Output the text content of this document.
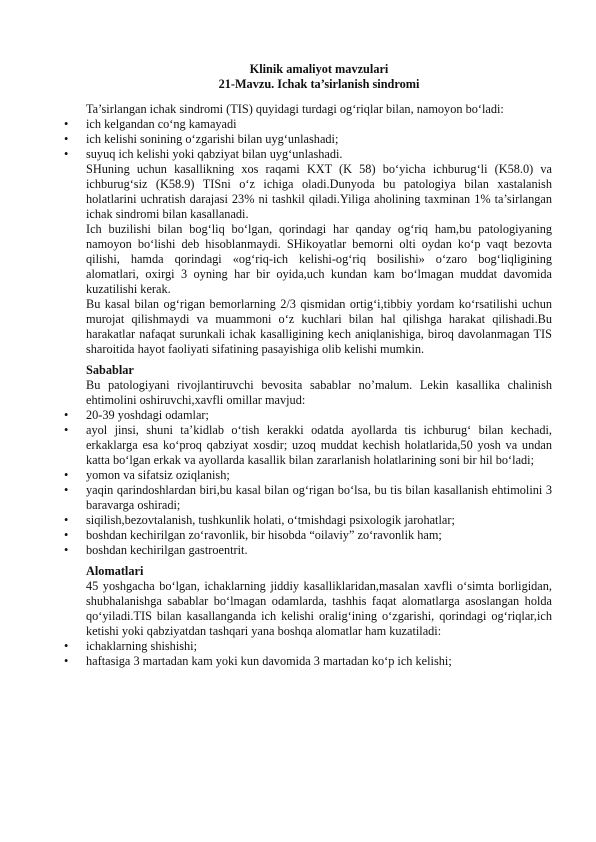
Klinik amaliyot mavzulari

21-Mavzu. Ichak ta’sirlanish sindromi

Ta’sirlangan ichak sindromi (TIS) quyidagi turdagi og‘riqlar bilan, namoyon bo‘ladi:

• ich kelgandan co‘ng kamayadi
• ich kelishi sonining o‘zgarishi bilan uyg‘unlashadi;
• suyuq ich kelishi yoki qabziyat bilan uyg‘unlashadi.

SHuning uchun kasallikning xos raqami KXT (K 58) bo‘yicha ichburug‘li (K58.0) va ichburug‘siz (K58.9) TISni o‘z ichiga oladi.Dunyoda bu patologiya bilan xastalanish holatlarini uchratish darajasi 23% ni tashkil qiladi.Yiliga aholining taxminan 1% ta’sirlangan ichak sindromi bilan kasallanadi.

Ich buzilishi bilan bog‘liq bo‘lgan, qorindagi har qanday og‘riq ham,bu patologiyaning namoyon bo‘lishi deb hisoblanmaydi. SHikoyatlar bemorni olti oydan ko‘p vaqt bezovta qilishi, hamda qorindagi «og‘riq-ich kelishi-og‘riq bosilishi» o‘zaro bog‘liqligining alomatlari, oxirgi 3 oyning har bir oyida,uch kundan kam bo‘lmagan muddat davomida kuzatilishi kerak.

Bu kasal bilan og‘rigan bemorlarning 2/3 qismidan ortig‘i,tibbiy yordam ko‘rsatilishi uchun murojat qilishmaydi va muammoni o‘z kuchlari bilan hal qilishga harakat qilishadi.Bu harakatlar nafaqat surunkali ichak kasalligining kech aniqlanishiga, biroq davolanmagan TIS sharoitida hayot faoliyati sifatining pasayishiga olib kelishi mumkin.

Sabablar

Bu patologiyani rivojlantiruvchi bevosita sabablar no’malum. Lekin kasallika chalinish ehtimolini oshiruvchi,xavfli omillar mavjud:

• 20-39 yoshdagi odamlar;
• ayol jinsi, shuni ta’kidlab o‘tish kerakki odatda ayollarda tis ichburug‘ bilan kechadi, erkaklarga esa ko‘proq qabziyat xosdir; uzoq muddat kechish holatlarida,50 yosh va undan katta bo‘lgan erkak va ayollarda kasallik bilan zararlanish holatlarining soni bir hil bo‘ladi;
• yomon va sifatsiz oziqlanish;
• yaqin qarindoshlardan biri,bu kasal bilan og‘rigan bo‘lsa, bu tis bilan kasallanish ehtimolini 3 baravarga oshiradi;
• siqilish,bezovtalanish, tushkunlik holati, o‘tmishdagi psixologik jarohatlar;
• boshdan kechirilgan zo‘ravonlik, bir hisobda “oilaviy” zo‘ravonlik ham;
• boshdan kechirilgan gastroentrit.

Alomatlari

45 yoshgacha bo‘lgan, ichaklarning jiddiy kasalliklaridan,masalan xavfli o‘simta borligidan, shubhalanishga sabablar bo‘lmagan odamlarda, tashhis faqat alomatlarga asoslangan holda qo‘yiladi.TIS bilan kasallanganda ich kelishi oralig‘ining o‘zgarishi, qorindagi og‘riqlar,ich ketishi yoki qabziyatdan tashqari yana boshqa alomatlar ham kuzatiladi:

• ichaklarning shishishi;
• haftasiga 3 martadan kam yoki kun davomida 3 martadan ko‘p ich kelishi;
